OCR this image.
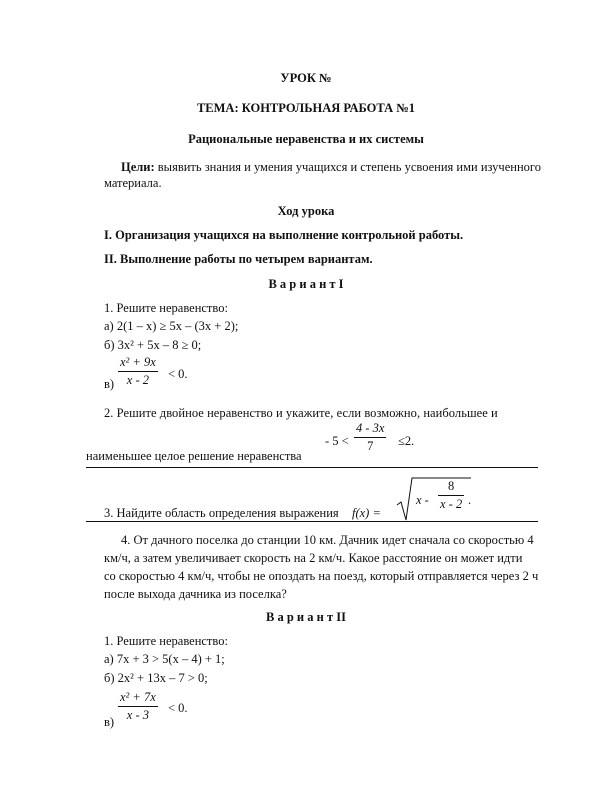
УРОК №
ТЕМА: КОНТРОЛЬНАЯ РАБОТА №1
Рациональные неравенства и их системы
Цели: выявить знания и умения учащихся и степень усвоения ими изученного
материала.
Ход урока
I. Организация учащихся на выполнение контрольной работы.
II. Выполнение работы по четырем вариантам.
В а р и а н т I
1. Решите неравенство:
а) 2(1 – x) ≥ 5x – (3x + 2);
б) 3x² + 5x – 8 ≥ 0;
в)
x² + 9x
x - 2	< 0.
2. Решите двойное неравенство и укажите, если возможно, наибольшее и
наименьшее целое решение неравенства
- 5 <
4 - 3x
7	≤2.
3. Найдите область определения выражения f(x) =
x -
8
x - 2 .
4. От дачного поселка до станции 10 км. Дачник идет сначала со скоростью 4
км/ч, а затем увеличивает скорость на 2 км/ч. Какое расстояние он может идти
со скоростью 4 км/ч, чтобы не опоздать на поезд, который отправляется через 2 ч
после выхода дачника из поселка?
В а р и а н т II
1. Решите неравенство:
а) 7x + 3 > 5(x – 4) + 1;
б) 2x² + 13x – 7 > 0;
в)
x² + 7x
x - 3	< 0.
